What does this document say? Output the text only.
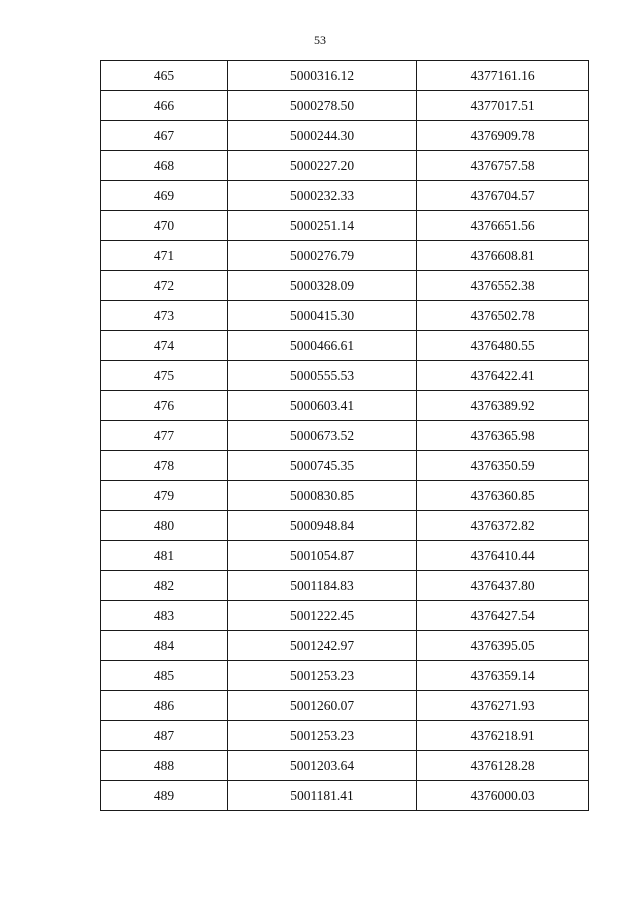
53
465	5000316.12	4377161.16
466	5000278.50	4377017.51
467	5000244.30	4376909.78
468	5000227.20	4376757.58
469	5000232.33	4376704.57
470	5000251.14	4376651.56
471	5000276.79	4376608.81
472	5000328.09	4376552.38
473	5000415.30	4376502.78
474	5000466.61	4376480.55
475	5000555.53	4376422.41
476	5000603.41	4376389.92
477	5000673.52	4376365.98
478	5000745.35	4376350.59
479	5000830.85	4376360.85
480	5000948.84	4376372.82
481	5001054.87	4376410.44
482	5001184.83	4376437.80
483	5001222.45	4376427.54
484	5001242.97	4376395.05
485	5001253.23	4376359.14
486	5001260.07	4376271.93
487	5001253.23	4376218.91
488	5001203.64	4376128.28
489	5001181.41	4376000.03
